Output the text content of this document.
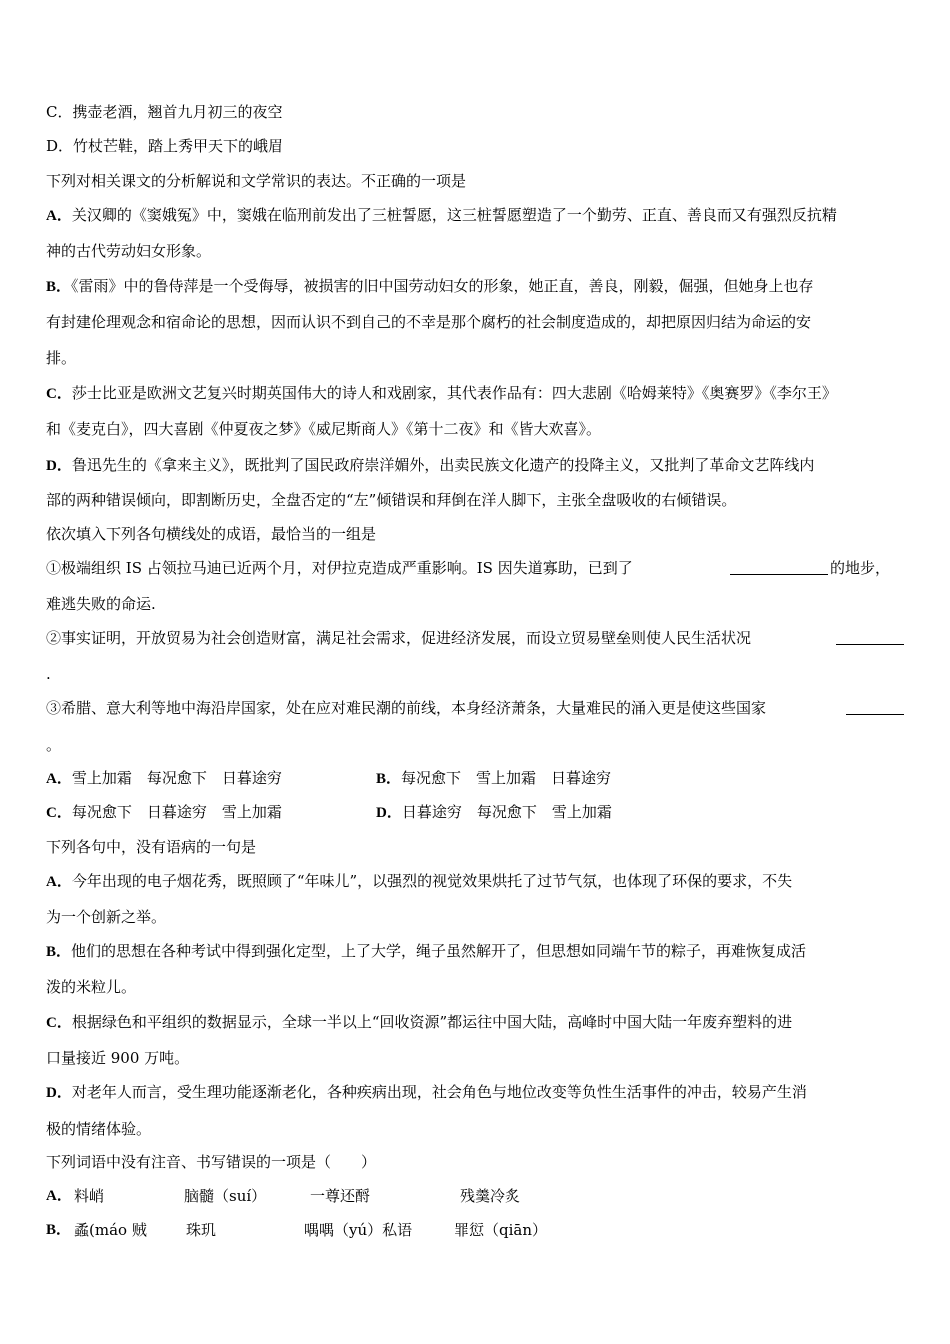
C．携壶老酒，翘首九月初三的夜空

D．竹杖芒鞋，踏上秀甲天下的峨眉

下列对相关课文的分析解说和文学常识的表达。不正确的一项是

A．关汉卿的《窦娥冤》中，窦娥在临刑前发出了三桩誓愿，这三桩誓愿塑造了一个勤劳、正直、善良而又有强烈反抗精

神的古代劳动妇女形象。

B．《雷雨》中的鲁侍萍是一个受侮辱，被损害的旧中国劳动妇女的形象，她正直，善良，刚毅，倔强，但她身上也存

有封建伦理观念和宿命论的思想，因而认识不到自己的不幸是那个腐朽的社会制度造成的，却把原因归结为命运的安

排。

C．莎士比亚是欧洲文艺复兴时期英国伟大的诗人和戏剧家，其代表作品有：四大悲剧《哈姆莱特》《奥赛罗》《李尔王》

和《麦克白》，四大喜剧《仲夏夜之梦》《威尼斯商人》《第十二夜》和《皆大欢喜》。

D．鲁迅先生的《拿来主义》，既批判了国民政府崇洋媚外，出卖民族文化遗产的投降主义，又批判了革命文艺阵线内

部的两种错误倾向，即割断历史，全盘否定的“左”倾错误和拜倒在洋人脚下，主张全盘吸收的右倾错误。

依次填入下列各句横线处的成语，最恰当的一组是

①极端组织 IS 占领拉马迪已近两个月，对伊拉克造成严重影响。IS 因失道寡助，已到了	的地步，

难逃失败的命运.

②事实证明，开放贸易为社会创造财富，满足社会需求，促进经济发展，而设立贸易壁垒则使人民生活状况

.

③希腊、意大利等地中海沿岸国家，处在应对难民潮的前线，本身经济萧条，大量难民的涌入更是使这些国家

。

A．雪上加霜　每况愈下　日暮途穷	B．每况愈下　雪上加霜　日暮途穷
C．每况愈下　日暮途穷　雪上加霜	D．日暮途穷　每况愈下　雪上加霜

下列各句中，没有语病的一句是

A．今年出现的电子烟花秀，既照顾了“年味儿”，以强烈的视觉效果烘托了过节气氛，也体现了环保的要求，不失

为一个创新之举。

B．他们的思想在各种考试中得到强化定型，上了大学，绳子虽然解开了，但思想如同端午节的粽子，再难恢复成活

泼的米粒儿。

C．根据绿色和平组织的数据显示，全球一半以上“回收资源”都运往中国大陆，高峰时中国大陆一年废弃塑料的进

口量接近 900 万吨。

D．对老年人而言，受生理功能逐渐老化，各种疾病出现，社会角色与地位改变等负性生活事件的冲击，较易产生消

极的情绪体验。

下列词语中没有注音、书写错误的一项是（　　）

A． 料峭	脑髓（suí）	一尊还酹	残羹冷炙
B． 蟊(máo 贼	珠玑	喁喁（yú）私语	罪愆（qiān）
